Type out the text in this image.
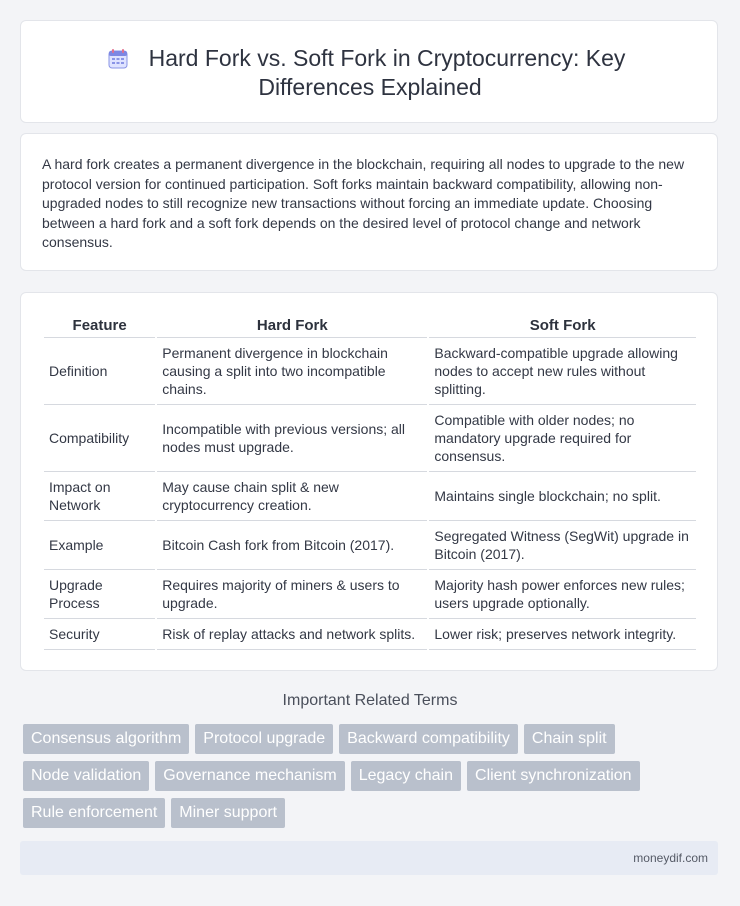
Hard Fork vs. Soft Fork in Cryptocurrency: Key
Differences Explained
A hard fork creates a permanent divergence in the blockchain, requiring all nodes to upgrade to the new protocol version for continued participation. Soft forks maintain backward compatibility, allowing non-upgraded nodes to still recognize new transactions without forcing an immediate update. Choosing between a hard fork and a soft fork depends on the desired level of protocol change and network consensus.
Feature	Hard Fork	Soft Fork
Definition	Permanent divergence in blockchain causing a split into two incompatible chains.	Backward-compatible upgrade allowing nodes to accept new rules without splitting.
Compatibility	Incompatible with previous versions; all nodes must upgrade.	Compatible with older nodes; no mandatory upgrade required for consensus.
Impact on Network	May cause chain split & new cryptocurrency creation.	Maintains single blockchain; no split.
Example	Bitcoin Cash fork from Bitcoin (2017).	Segregated Witness (SegWit) upgrade in Bitcoin (2017).
Upgrade Process	Requires majority of miners & users to upgrade.	Majority hash power enforces new rules; users upgrade optionally.
Security	Risk of replay attacks and network splits.	Lower risk; preserves network integrity.
Important Related Terms
Consensus algorithm	Protocol upgrade	Backward compatibility	Chain split
Node validation	Governance mechanism	Legacy chain	Client synchronization
Rule enforcement	Miner support
moneydif.com
